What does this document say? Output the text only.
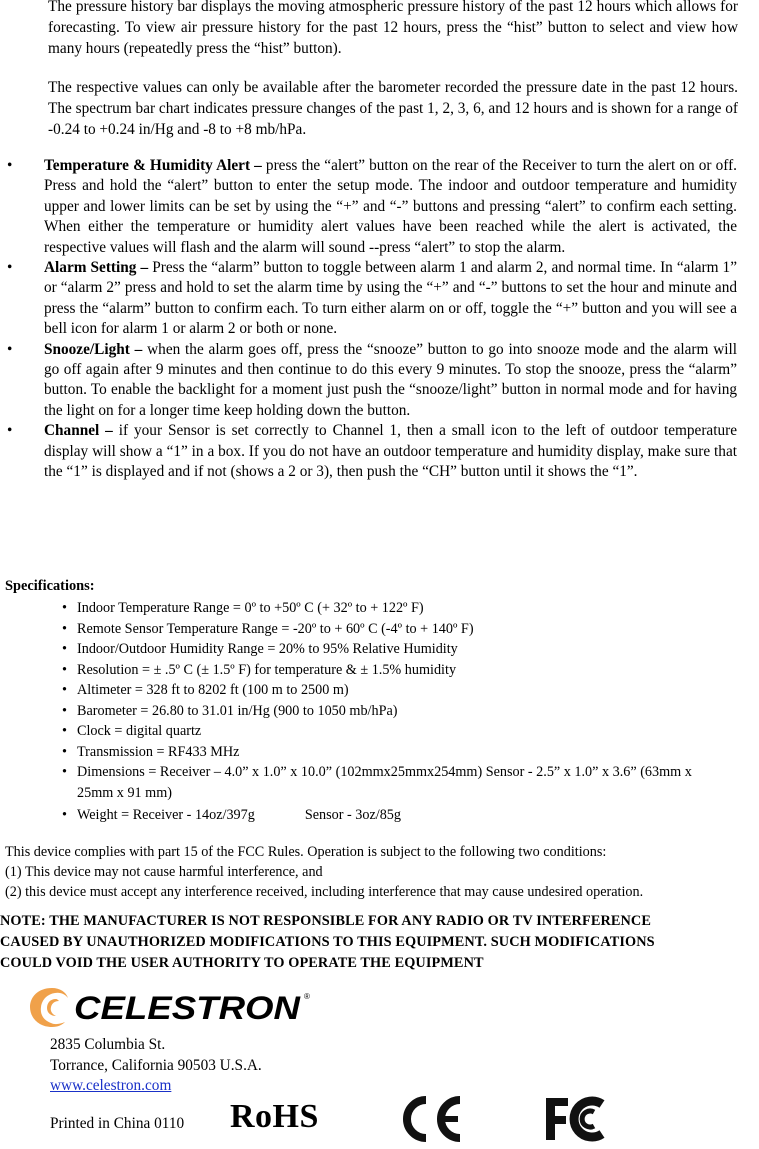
The pressure history bar displays the moving atmospheric pressure history of the past 12 hours which allows for forecasting. To view air pressure history for the past 12 hours, press the “hist” button to select and view how many hours (repeatedly press the “hist” button).
The respective values can only be available after the barometer recorded the pressure date in the past 12 hours. The spectrum bar chart indicates pressure changes of the past 1, 2, 3, 6, and 12 hours and is shown for a range of -0.24 to +0.24 in/Hg and -8 to +8 mb/hPa.
• Temperature & Humidity Alert – press the “alert” button on the rear of the Receiver to turn the alert on or off. Press and hold the “alert” button to enter the setup mode. The indoor and outdoor temperature and humidity upper and lower limits can be set by using the “+” and “-” buttons and pressing “alert” to confirm each setting. When either the temperature or humidity alert values have been reached while the alert is activated, the respective values will flash and the alarm will sound --press “alert” to stop the alarm.
• Alarm Setting – Press the “alarm” button to toggle between alarm 1 and alarm 2, and normal time. In “alarm 1” or “alarm 2” press and hold to set the alarm time by using the “+” and “-” buttons to set the hour and minute and press the “alarm” button to confirm each. To turn either alarm on or off, toggle the “+” button and you will see a bell icon for alarm 1 or alarm 2 or both or none.
• Snooze/Light – when the alarm goes off, press the “snooze” button to go into snooze mode and the alarm will go off again after 9 minutes and then continue to do this every 9 minutes. To stop the snooze, press the “alarm” button. To enable the backlight for a moment just push the “snooze/light” button in normal mode and for having the light on for a longer time keep holding down the button.
• Channel – if your Sensor is set correctly to Channel 1, then a small icon to the left of outdoor temperature display will show a “1” in a box. If you do not have an outdoor temperature and humidity display, make sure that the “1” is displayed and if not (shows a 2 or 3), then push the “CH” button until it shows the “1”.
Specifications:
• Indoor Temperature Range = 0º to +50º C (+ 32º to + 122º F)
• Remote Sensor Temperature Range = -20º to + 60º C (-4º to + 140º F)
• Indoor/Outdoor Humidity Range = 20% to 95% Relative Humidity
• Resolution = ± .5º C (± 1.5º F) for temperature & ± 1.5% humidity
• Altimeter = 328 ft to 8202 ft (100 m to 2500 m)
• Barometer = 26.80 to 31.01 in/Hg (900 to 1050 mb/hPa)
• Clock = digital quartz
• Transmission = RF433 MHz
• Dimensions = Receiver – 4.0” x 1.0” x 10.0” (102mmx25mmx254mm) Sensor - 2.5” x 1.0” x 3.6” (63mm x 25mm x 91 mm)
• Weight = Receiver - 14oz/397g	Sensor - 3oz/85g
This device complies with part 15 of the FCC Rules. Operation is subject to the following two conditions:
(1) This device may not cause harmful interference, and
(2) this device must accept any interference received, including interference that may cause undesired operation.
NOTE: THE MANUFACTURER IS NOT RESPONSIBLE FOR ANY RADIO OR TV INTERFERENCE
CAUSED BY UNAUTHORIZED MODIFICATIONS TO THIS EQUIPMENT. SUCH MODIFICATIONS
COULD VOID THE USER AUTHORITY TO OPERATE THE EQUIPMENT
CELESTRON ®
2835 Columbia St.
Torrance, California 90503 U.S.A.
www.celestron.com
Printed in China 0110 RoHS
CE
FC
